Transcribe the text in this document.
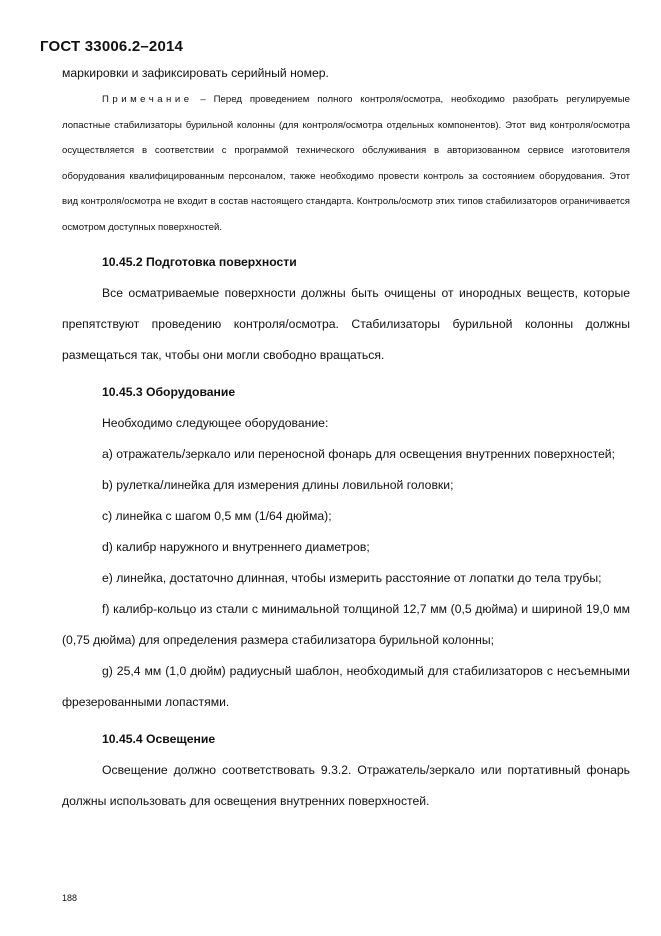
ГОСТ 33006.2–2014

маркировки и зафиксировать серийный номер.

Примечание – Перед проведением полного контроля/осмотра, необходимо разобрать регулируемые лопастные стабилизаторы бурильной колонны (для контроля/осмотра отдельных компонентов). Этот вид контроля/осмотра осуществляется в соответствии с программой технического обслуживания в авторизованном сервисе изготовителя оборудования квалифицированным персоналом, также необходимо провести контроль за состоянием оборудования. Этот вид контроля/осмотра не входит в состав настоящего стандарта. Контроль/осмотр этих типов стабилизаторов ограничивается осмотром доступных поверхностей.

10.45.2 Подготовка поверхности

Все осматриваемые поверхности должны быть очищены от инородных веществ, которые препятствуют проведению контроля/осмотра. Стабилизаторы бурильной колонны должны размещаться так, чтобы они могли свободно вращаться.

10.45.3 Оборудование

Необходимо следующее оборудование:

a) отражатель/зеркало или переносной фонарь для освещения внутренних поверхностей;

b) рулетка/линейка для измерения длины ловильной головки;

c) линейка с шагом 0,5 мм (1/64 дюйма);

d) калибр наружного и внутреннего диаметров;

e) линейка, достаточно длинная, чтобы измерить расстояние от лопатки до тела трубы;

f) калибр-кольцо из стали с минимальной толщиной 12,7 мм (0,5 дюйма) и шириной 19,0 мм (0,75 дюйма) для определения размера стабилизатора бурильной колонны;

g) 25,4 мм (1,0 дюйм) радиусный шаблон, необходимый для стабилизаторов с несъемными фрезерованными лопастями.

10.45.4 Освещение

Освещение должно соответствовать 9.3.2. Отражатель/зеркало или портативный фонарь должны использовать для освещения внутренних поверхностей.

188
